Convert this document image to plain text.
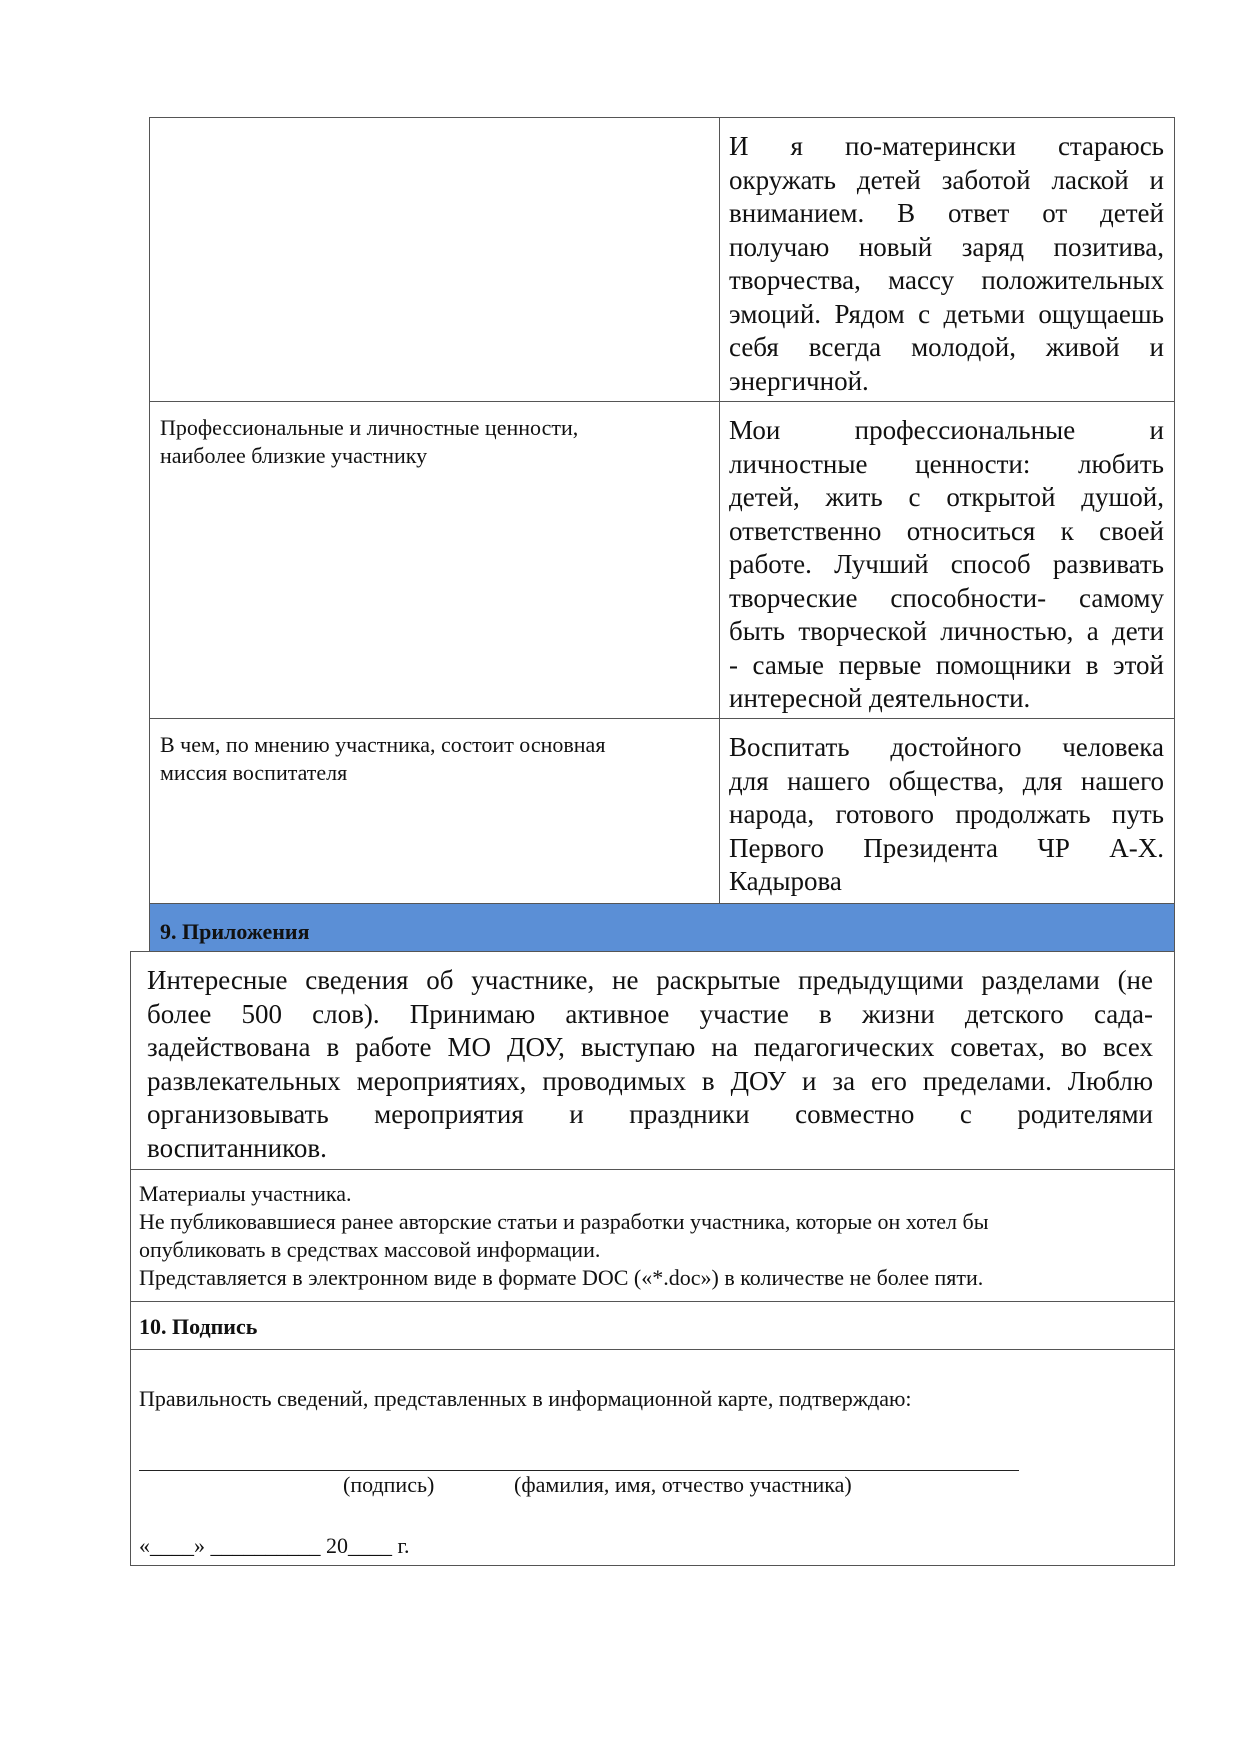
И я по-матерински стараюсь
окружать детей заботой лаской и
вниманием. В ответ от детей
получаю новый заряд позитива,
творчества, массу положительных
эмоций. Рядом с детьми ощущаешь
себя всегда молодой, живой и
энергичной.
Профессиональные и личностные ценности,
наиболее близкие участнику
Мои профессиональные и
личностные ценности: любить
детей, жить с открытой душой,
ответственно относиться к своей
работе. Лучший способ развивать
творческие способности- самому
быть творческой личностью, а дети
- самые первые помощники в этой
интересной деятельности.
В чем, по мнению участника, состоит основная
миссия воспитателя
Воспитать достойного человека
для нашего общества, для нашего
народа, готового продолжать путь
Первого Президента ЧР А-Х.
Кадырова
9. Приложения
Интересные сведения об участнике, не раскрытые предыдущими разделами (не
более 500 слов). Принимаю активное участие в жизни детского сада-
задействована в работе МО ДОУ, выступаю на педагогических советах, во всех
развлекательных мероприятиях, проводимых в ДОУ и за его пределами. Люблю
организовывать мероприятия и праздники совместно с родителями
воспитанников.
Материалы участника.
Не публиковавшиеся ранее авторские статьи и разработки участника, которые он хотел бы
опубликовать в средствах массовой информации.
Представляется в электронном виде в формате DOC («*.doc») в количестве не более пяти.
10. Подпись
Правильность сведений, представленных в информационной карте, подтверждаю:
(подпись)	(фамилия, имя, отчество участника)
«____» __________ 20____ г.
